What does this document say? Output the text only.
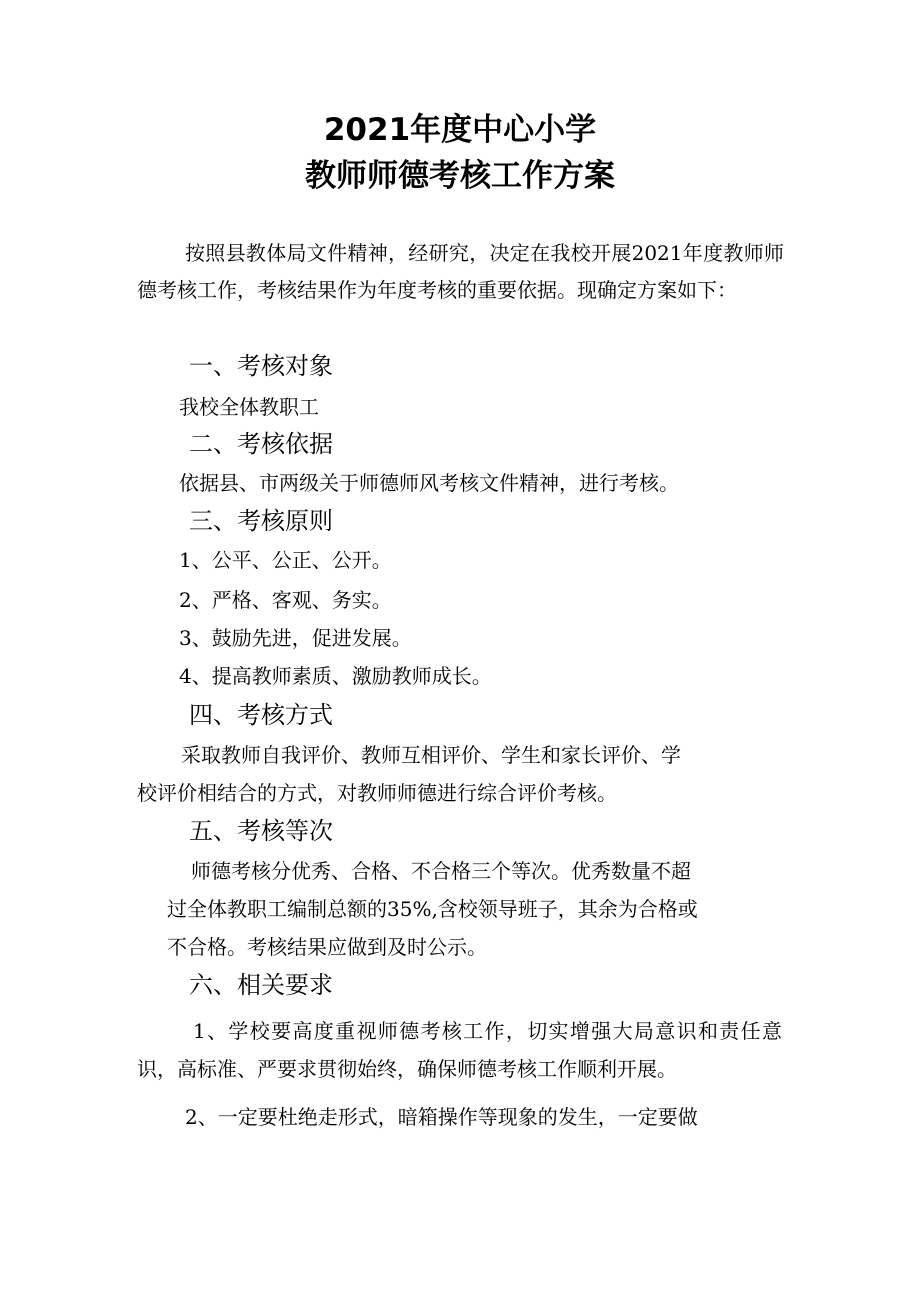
2021年度中心小学
教师师德考核工作方案
按照县教体局文件精神，经研究，决定在我校开展2021年度教师师德考核工作，考核结果作为年度考核的重要依据。现确定方案如下：
一、考核对象
我校全体教职工
二、考核依据
依据县、市两级关于师德师风考核文件精神，进行考核。
三、考核原则
1、公平、公正、公开。
2、严格、客观、务实。
3、鼓励先进，促进发展。
4、提高教师素质、激励教师成长。
四、考核方式
采取教师自我评价、教师互相评价、学生和家长评价、学
校评价相结合的方式，对教师师德进行综合评价考核。
五、考核等次
师德考核分优秀、合格、不合格三个等次。优秀数量不超
过全体教职工编制总额的35%,含校领导班子，其余为合格或
不合格。考核结果应做到及时公示。
六、相关要求
1、学校要高度重视师德考核工作，切实增强大局意识和责任意识，高标准、严要求贯彻始终，确保师德考核工作顺利开展。
2、一定要杜绝走形式，暗箱操作等现象的发生，一定要做
